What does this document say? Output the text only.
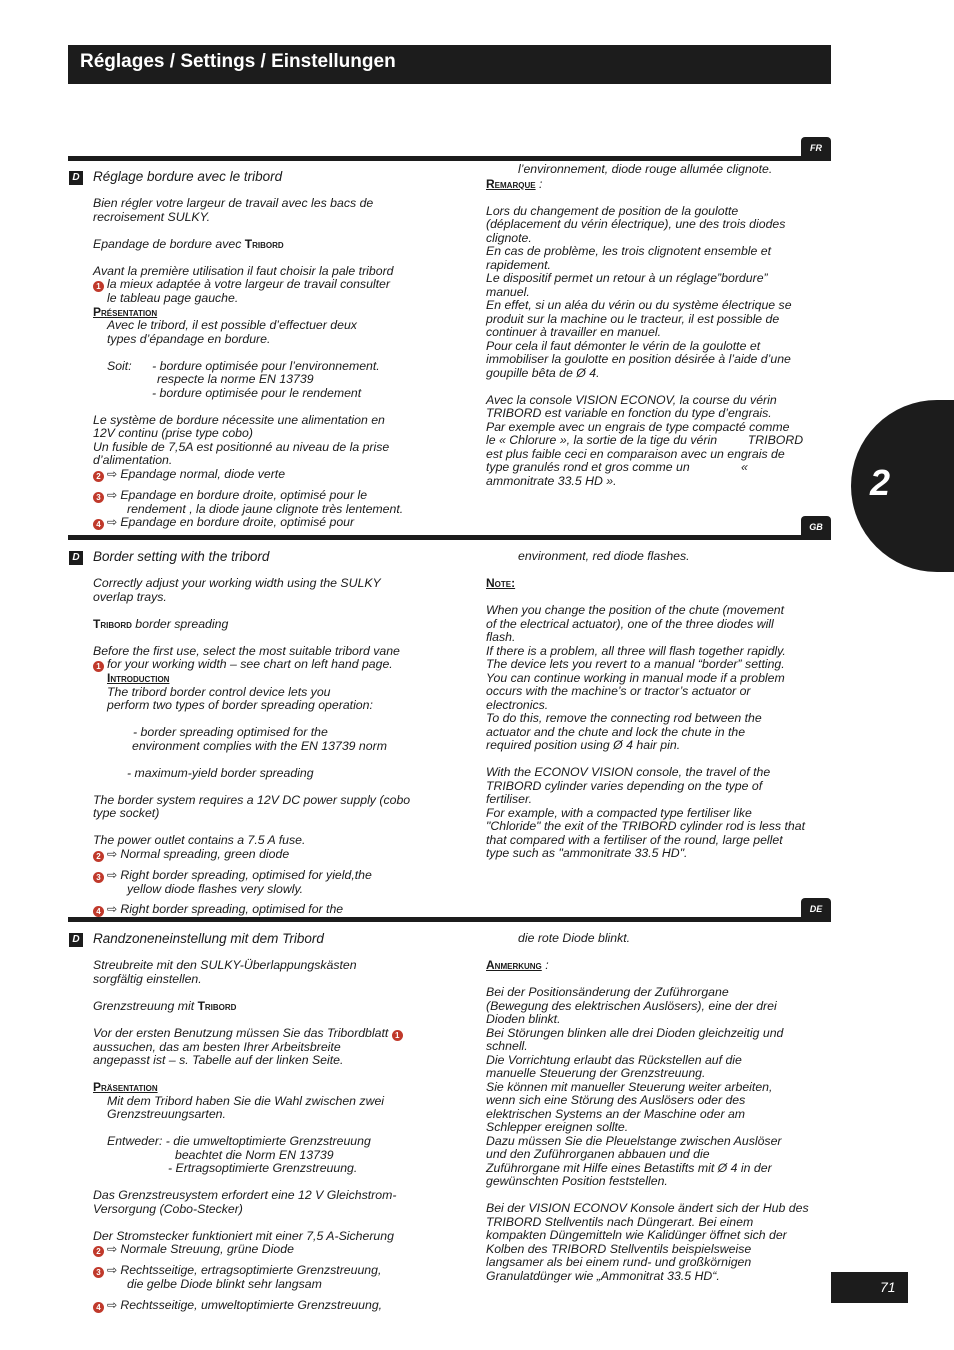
Réglages / Settings / Einstellungen
2
71
FR
D Réglage bordure avec le tribord
Bien régler votre largeur de travail avec les bacs de
recroisement SULKY.
Epandage de bordure avec Tribord
Avant la première utilisation il faut choisir la pale tribord
1 la mieux adaptée à votre largeur de travail consulter
le tableau page gauche.
Présentation
Avec le tribord, il est possible d’effectuer deux
types d’épandage en bordure.
Soit:      - bordure optimisée pour l’environnement.
respecte la norme EN 13739
- bordure optimisée pour le rendement
Le système de bordure nécessite une alimentation en
12V continu (prise type cobo)
Un fusible de 7,5A est positionné au niveau de la prise
d’alimentation.
2 ⇨ Epandage normal, diode verte
3 ⇨ Epandage en bordure droite, optimisé pour le
rendement , la diode jaune clignote très lentement.
4 ⇨ Epandage en bordure droite, optimisé pour
l’environnement, diode rouge allumée clignote.
Remarque :
Lors du changement de position de la goulotte
(déplacement du vérin électrique), une des trois diodes
clignote.
En cas de problème, les trois clignotent ensemble et
rapidement.
Le dispositif permet un retour à un réglage”bordure”
manuel.
En effet, si un aléa du vérin ou du système électrique se
produit sur la machine ou le tracteur, il est possible de
continuer à travailler en manuel.
Pour cela il faut démonter le vérin de la goulotte et
immobiliser la goulotte en position désirée à l’aide d’une
goupille bêta de Ø 4.
Avec la console VISION ECONOV, la course du vérin
TRIBORD est variable en fonction du type d’engrais.
Par exemple avec un engrais de type compacté comme
le « Chlorure », la sortie de la tige du vérin         TRIBORD
est plus faible ceci en comparaison avec un engrais de
type granulés rond et gros comme un               «
ammonitrate 33.5 HD ».
GB
D Border setting with the tribord
Correctly adjust your working width using the SULKY
overlap trays.
Tribord border spreading
Before the first use, select the most suitable tribord vane
1 for your working width – see chart on left hand page.
Introduction
The tribord border control device lets you
perform two types of border spreading operation:
- border spreading optimised for the
environment complies with the EN 13739 norm
- maximum-yield border spreading
The border system requires a 12V DC power supply (cobo
type socket)
The power outlet contains a 7.5 A fuse.
2 ⇨ Normal spreading, green diode
3 ⇨ Right border spreading, optimised for yield,the
yellow diode flashes very slowly.
4 ⇨ Right border spreading, optimised for the
environment, red diode flashes.
Note:
When you change the position of the chute (movement
of the electrical actuator), one of the three diodes will
flash.
If there is a problem, all three will flash together rapidly.
The device lets you revert to a manual “border” setting.
You can continue working in manual mode if a problem
occurs with the machine’s or tractor’s actuator or
electronics.
To do this, remove the connecting rod between the
actuator and the chute and lock the chute in the
required position using Ø 4 hair pin.
With the ECONOV VISION console, the travel of the
TRIBORD cylinder varies depending on the type of
fertiliser.
For example, with a compacted type fertiliser like
"Chloride" the exit of the TRIBORD cylinder rod is less that
that compared with a fertiliser of the round, large pellet
type such as "ammonitrate 33.5 HD".
DE
D Randzoneneinstellung mit dem Tribord
Streubreite mit den SULKY-Überlappungskästen
sorgfältig einstellen.
Grenzstreuung mit Tribord
Vor der ersten Benutzung müssen Sie das Tribordblatt 1
aussuchen, das am besten Ihrer Arbeitsbreite
angepasst ist – s. Tabelle auf der linken Seite.
Präsentation
Mit dem Tribord haben Sie die Wahl zwischen zwei
Grenzstreuungsarten.
Entweder: - die umweltoptimierte Grenzstreuung
beachtet die Norm EN 13739
- Ertragsoptimierte Grenzstreuung.
Das Grenzstreusystem erfordert eine 12 V Gleichstrom-
Versorgung (Cobo-Stecker)
Der Stromstecker funktioniert mit einer 7,5 A-Sicherung
2 ⇨ Normale Streuung, grüne Diode
3 ⇨ Rechtsseitige, ertragsoptimierte Grenzstreuung,
die gelbe Diode blinkt sehr langsam
4 ⇨ Rechtsseitige, umweltoptimierte Grenzstreuung,
die rote Diode blinkt.
Anmerkung :
Bei der Positionsänderung der Zuführorgane
(Bewegung des elektrischen Auslösers), eine der drei
Dioden blinkt.
Bei Störungen blinken alle drei Dioden gleichzeitig und
schnell.
Die Vorrichtung erlaubt das Rückstellen auf die
manuelle Steuerung der Grenzstreuung.
Sie können mit manueller Steuerung weiter arbeiten,
wenn sich eine Störung des Auslösers oder des
elektrischen Systems an der Maschine oder am
Schlepper ereignen sollte.
Dazu müssen Sie die Pleuelstange zwischen Auslöser
und den Zuführorganen abbauen und die
Zuführorgane mit Hilfe eines Betastifts mit Ø 4 in der
gewünschten Position feststellen.
Bei der VISION ECONOV Konsole ändert sich der Hub des
TRIBORD Stellventils nach Düngerart. Bei einem
kompakten Düngemitteln wie Kalidünger öffnet sich der
Kolben des TRIBORD Stellventils beispielsweise
langsamer als bei einem rund- und großkörnigen
Granulatdünger wie „Ammonitrat 33.5 HD“.
